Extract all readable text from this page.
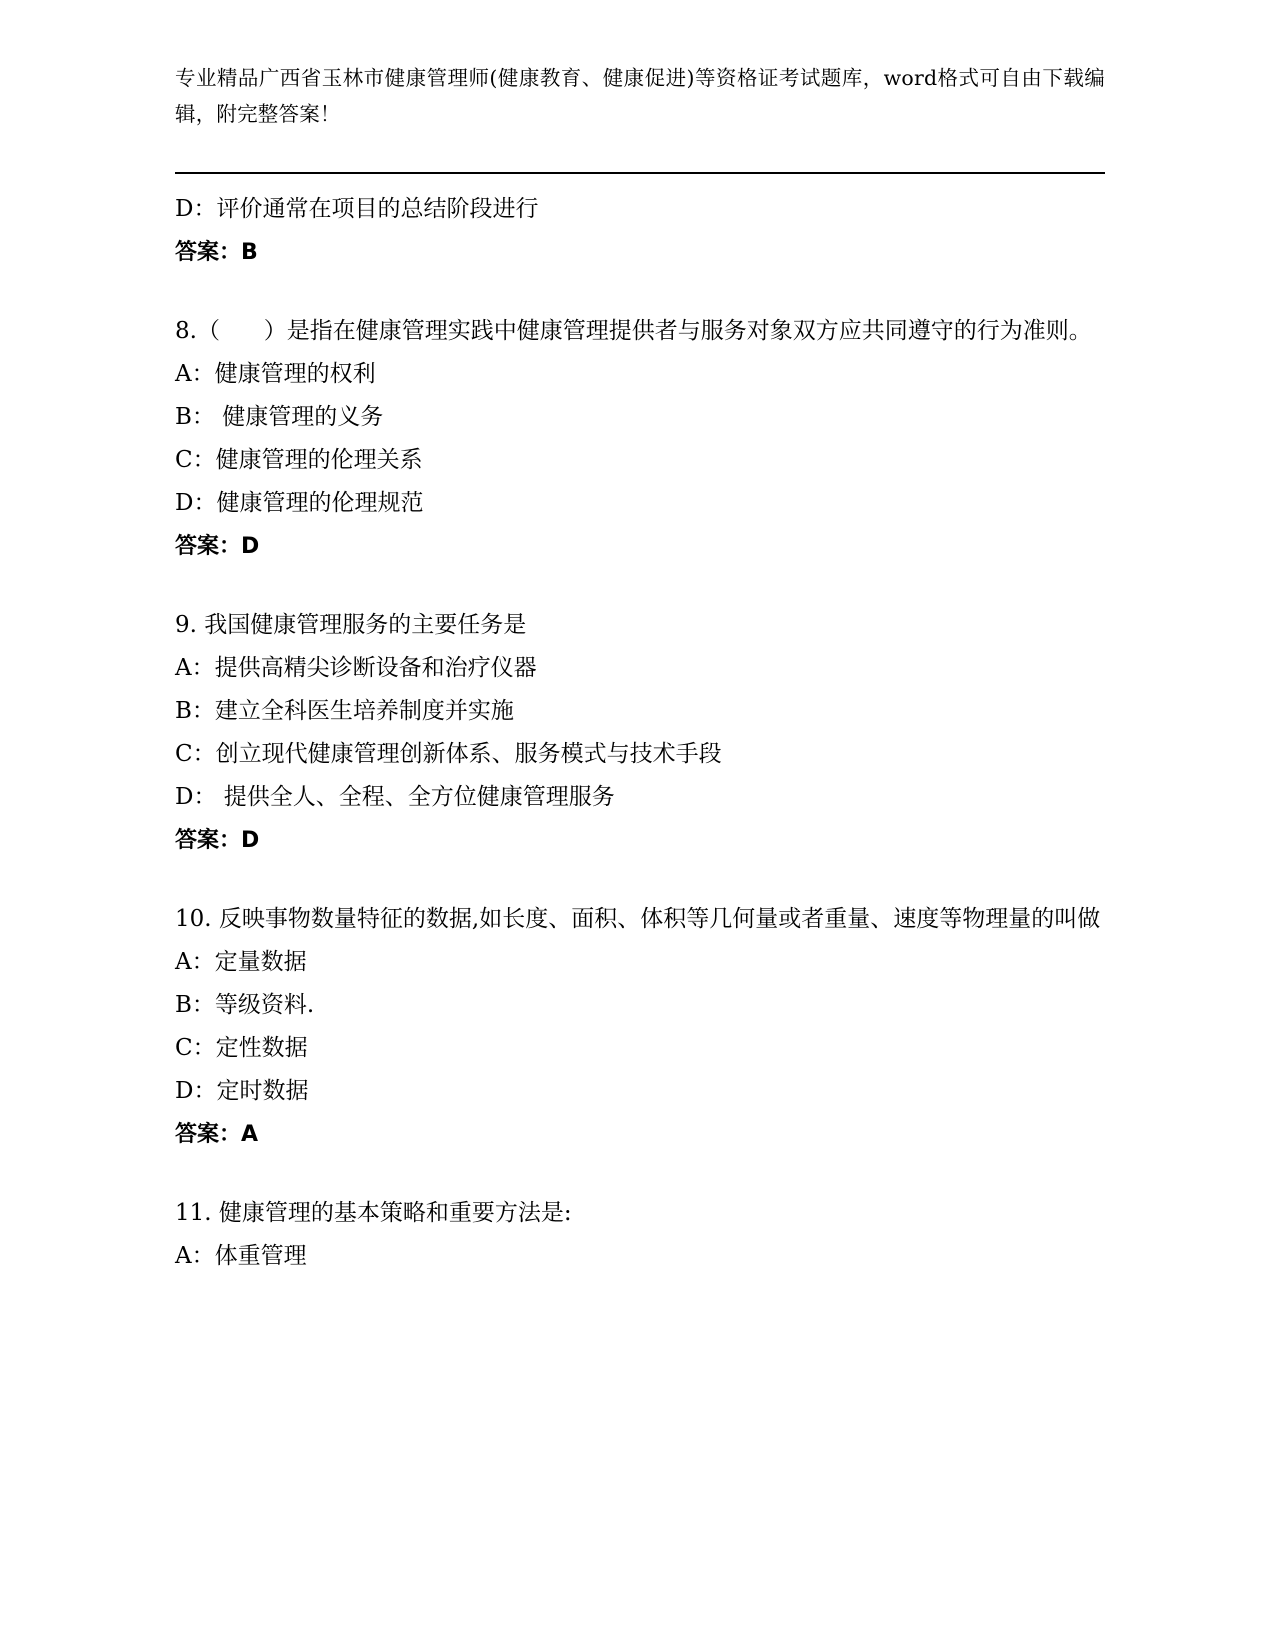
专业精品广西省玉林市健康管理师(健康教育、健康促进)等资格证考试题库，word格式可自由下载编辑，附完整答案！
D：评价通常在项目的总结阶段进行
答案：B
8.（      ）是指在健康管理实践中健康管理提供者与服务对象双方应共同遵守的行为准则。
A：健康管理的权利
B： 健康管理的义务
C：健康管理的伦理关系
D：健康管理的伦理规范
答案：D
9. 我国健康管理服务的主要任务是
A：提供高精尖诊断设备和治疗仪器
B：建立全科医生培养制度并实施
C：创立现代健康管理创新体系、服务模式与技术手段
D： 提供全人、全程、全方位健康管理服务
答案：D
10. 反映事物数量特征的数据,如长度、面积、体积等几何量或者重量、速度等物理量的叫做
A：定量数据
B：等级资料.
C：定性数据
D：定时数据
答案：A
11. 健康管理的基本策略和重要方法是:
A：体重管理
